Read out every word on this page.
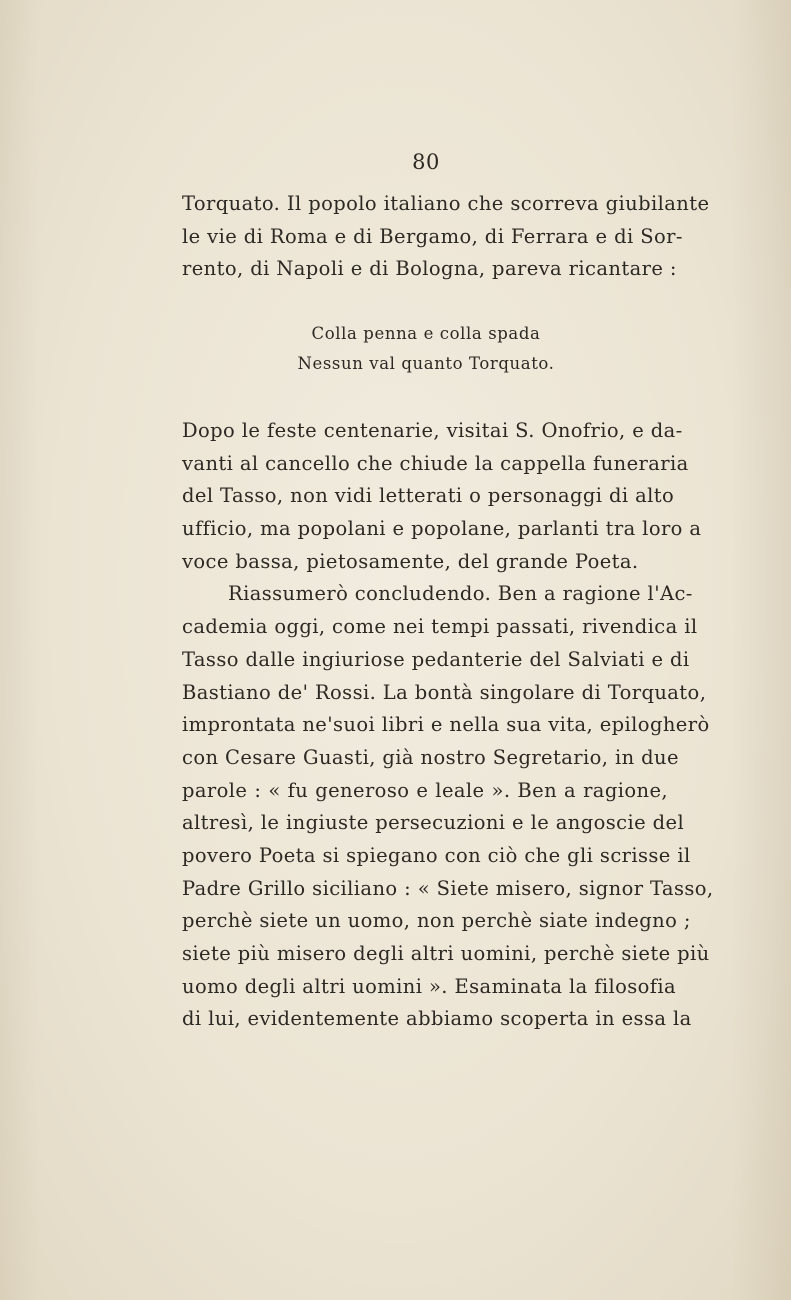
80
Torquato. Il popolo italiano che scorreva giubilante
le vie di Roma e di Bergamo, di Ferrara e di Sor-
rento, di Napoli e di Bologna, pareva ricantare :
Colla penna e colla spada
Nessun val quanto Torquato.
Dopo le feste centenarie, visitai S. Onofrio, e da-
vanti al cancello che chiude la cappella funeraria
del Tasso, non vidi letterati o personaggi di alto
ufficio, ma popolani e popolane, parlanti tra loro a
voce bassa, pietosamente, del grande Poeta.
Riassumerò concludendo. Ben a ragione l'Ac-
cademia oggi, come nei tempi passati, rivendica il
Tasso dalle ingiuriose pedanterie del Salviati e di
Bastiano de' Rossi. La bontà singolare di Torquato,
improntata ne'suoi libri e nella sua vita, epilogherò
con Cesare Guasti, già nostro Segretario, in due
parole : « fu generoso e leale ». Ben a ragione,
altresì, le ingiuste persecuzioni e le angoscie del
povero Poeta si spiegano con ciò che gli scrisse il
Padre Grillo siciliano : « Siete misero, signor Tasso,
perchè siete un uomo, non perchè siate indegno ;
siete più misero degli altri uomini, perchè siete più
uomo degli altri uomini ». Esaminata la filosofia
di lui, evidentemente abbiamo scoperta in essa la
